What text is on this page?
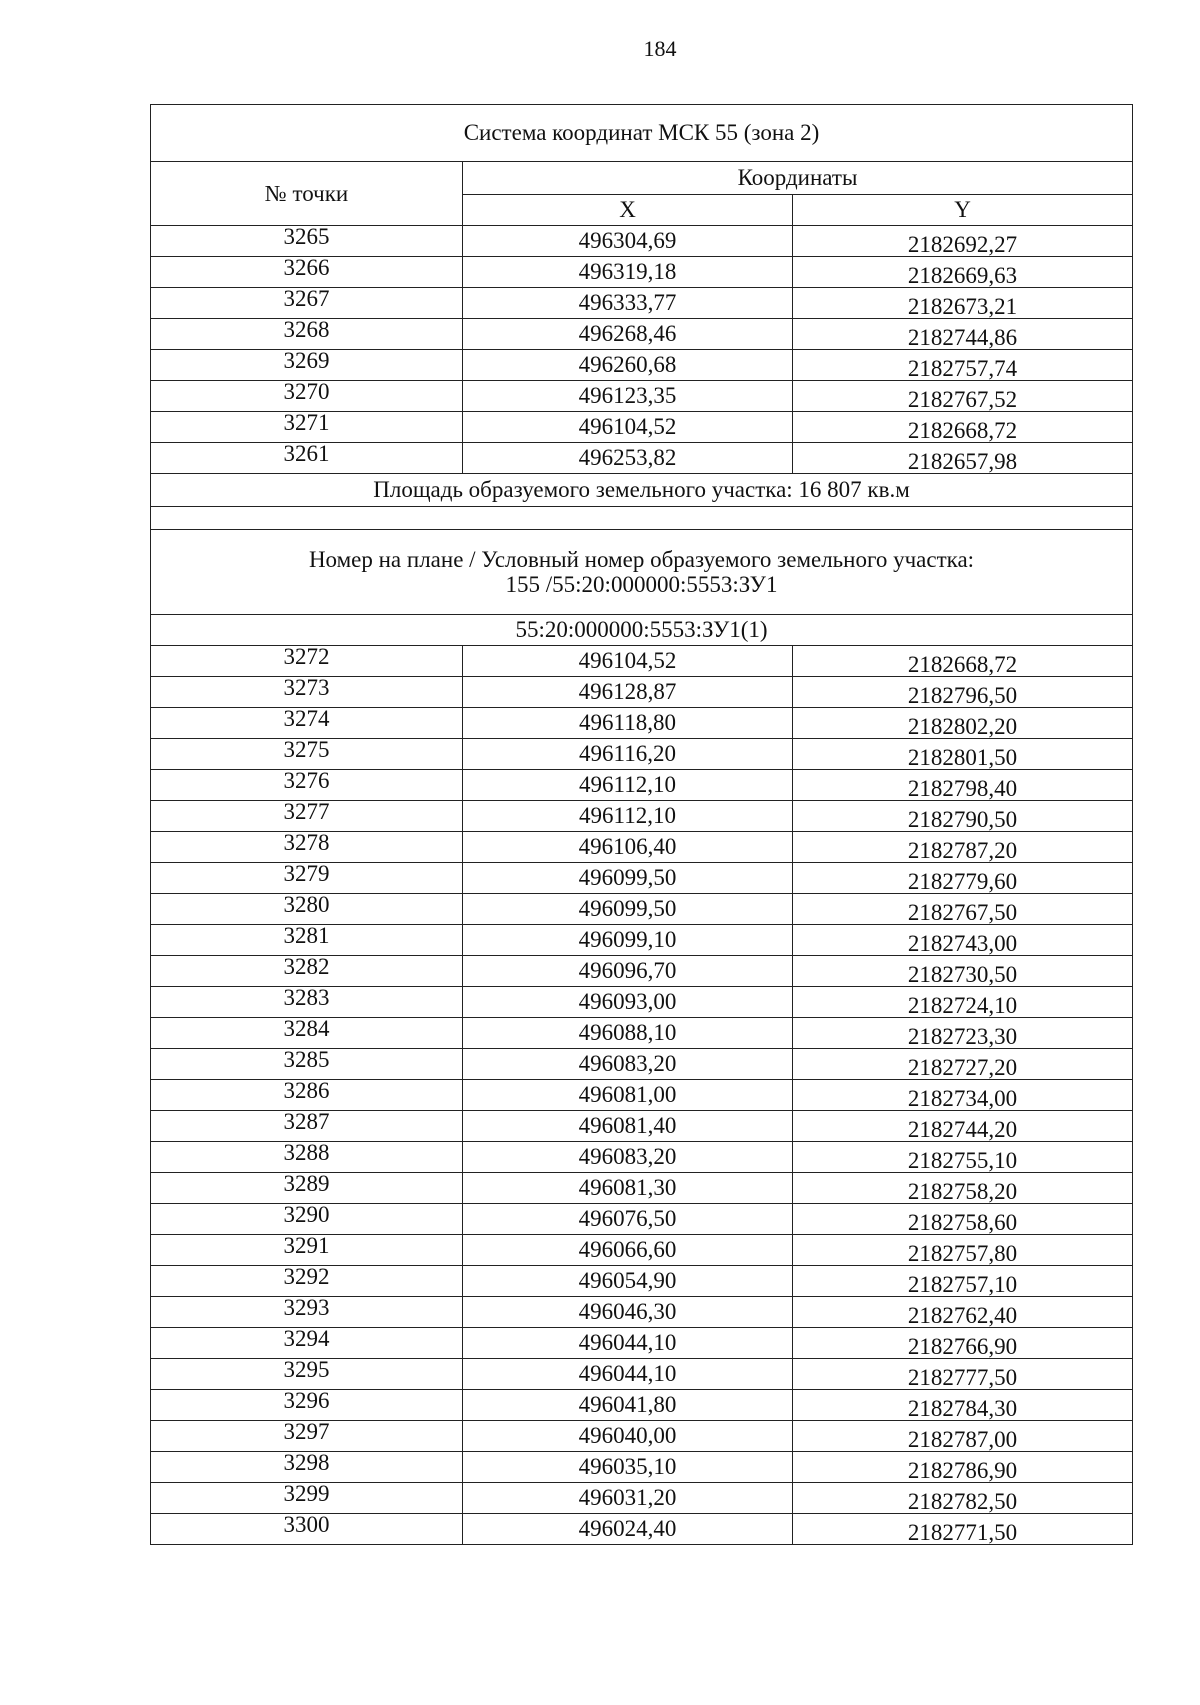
184
Система координат МСК 55 (зона 2)		
№ точки	Координаты	
	X	Y
3265	496304,69	2182692,27
3266	496319,18	2182669,63
3267	496333,77	2182673,21
3268	496268,46	2182744,86
3269	496260,68	2182757,74
3270	496123,35	2182767,52
3271	496104,52	2182668,72
3261	496253,82	2182657,98

Площадь образуемого земельного участка: 16 807 кв.м		

Номер на плане / Условный номер образуемого земельного участка:
155 /55:20:000000:5553:ЗУ1		

55:20:000000:5553:ЗУ1(1)		

3272	496104,52	2182668,72
3273	496128,87	2182796,50
3274	496118,80	2182802,20
3275	496116,20	2182801,50
3276	496112,10	2182798,40
3277	496112,10	2182790,50
3278	496106,40	2182787,20
3279	496099,50	2182779,60
3280	496099,50	2182767,50
3281	496099,10	2182743,00
3282	496096,70	2182730,50
3283	496093,00	2182724,10
3284	496088,10	2182723,30
3285	496083,20	2182727,20
3286	496081,00	2182734,00
3287	496081,40	2182744,20
3288	496083,20	2182755,10
3289	496081,30	2182758,20
3290	496076,50	2182758,60
3291	496066,60	2182757,80
3292	496054,90	2182757,10
3293	496046,30	2182762,40
3294	496044,10	2182766,90
3295	496044,10	2182777,50
3296	496041,80	2182784,30
3297	496040,00	2182787,00
3298	496035,10	2182786,90
3299	496031,20	2182782,50
3300	496024,40	2182771,50
